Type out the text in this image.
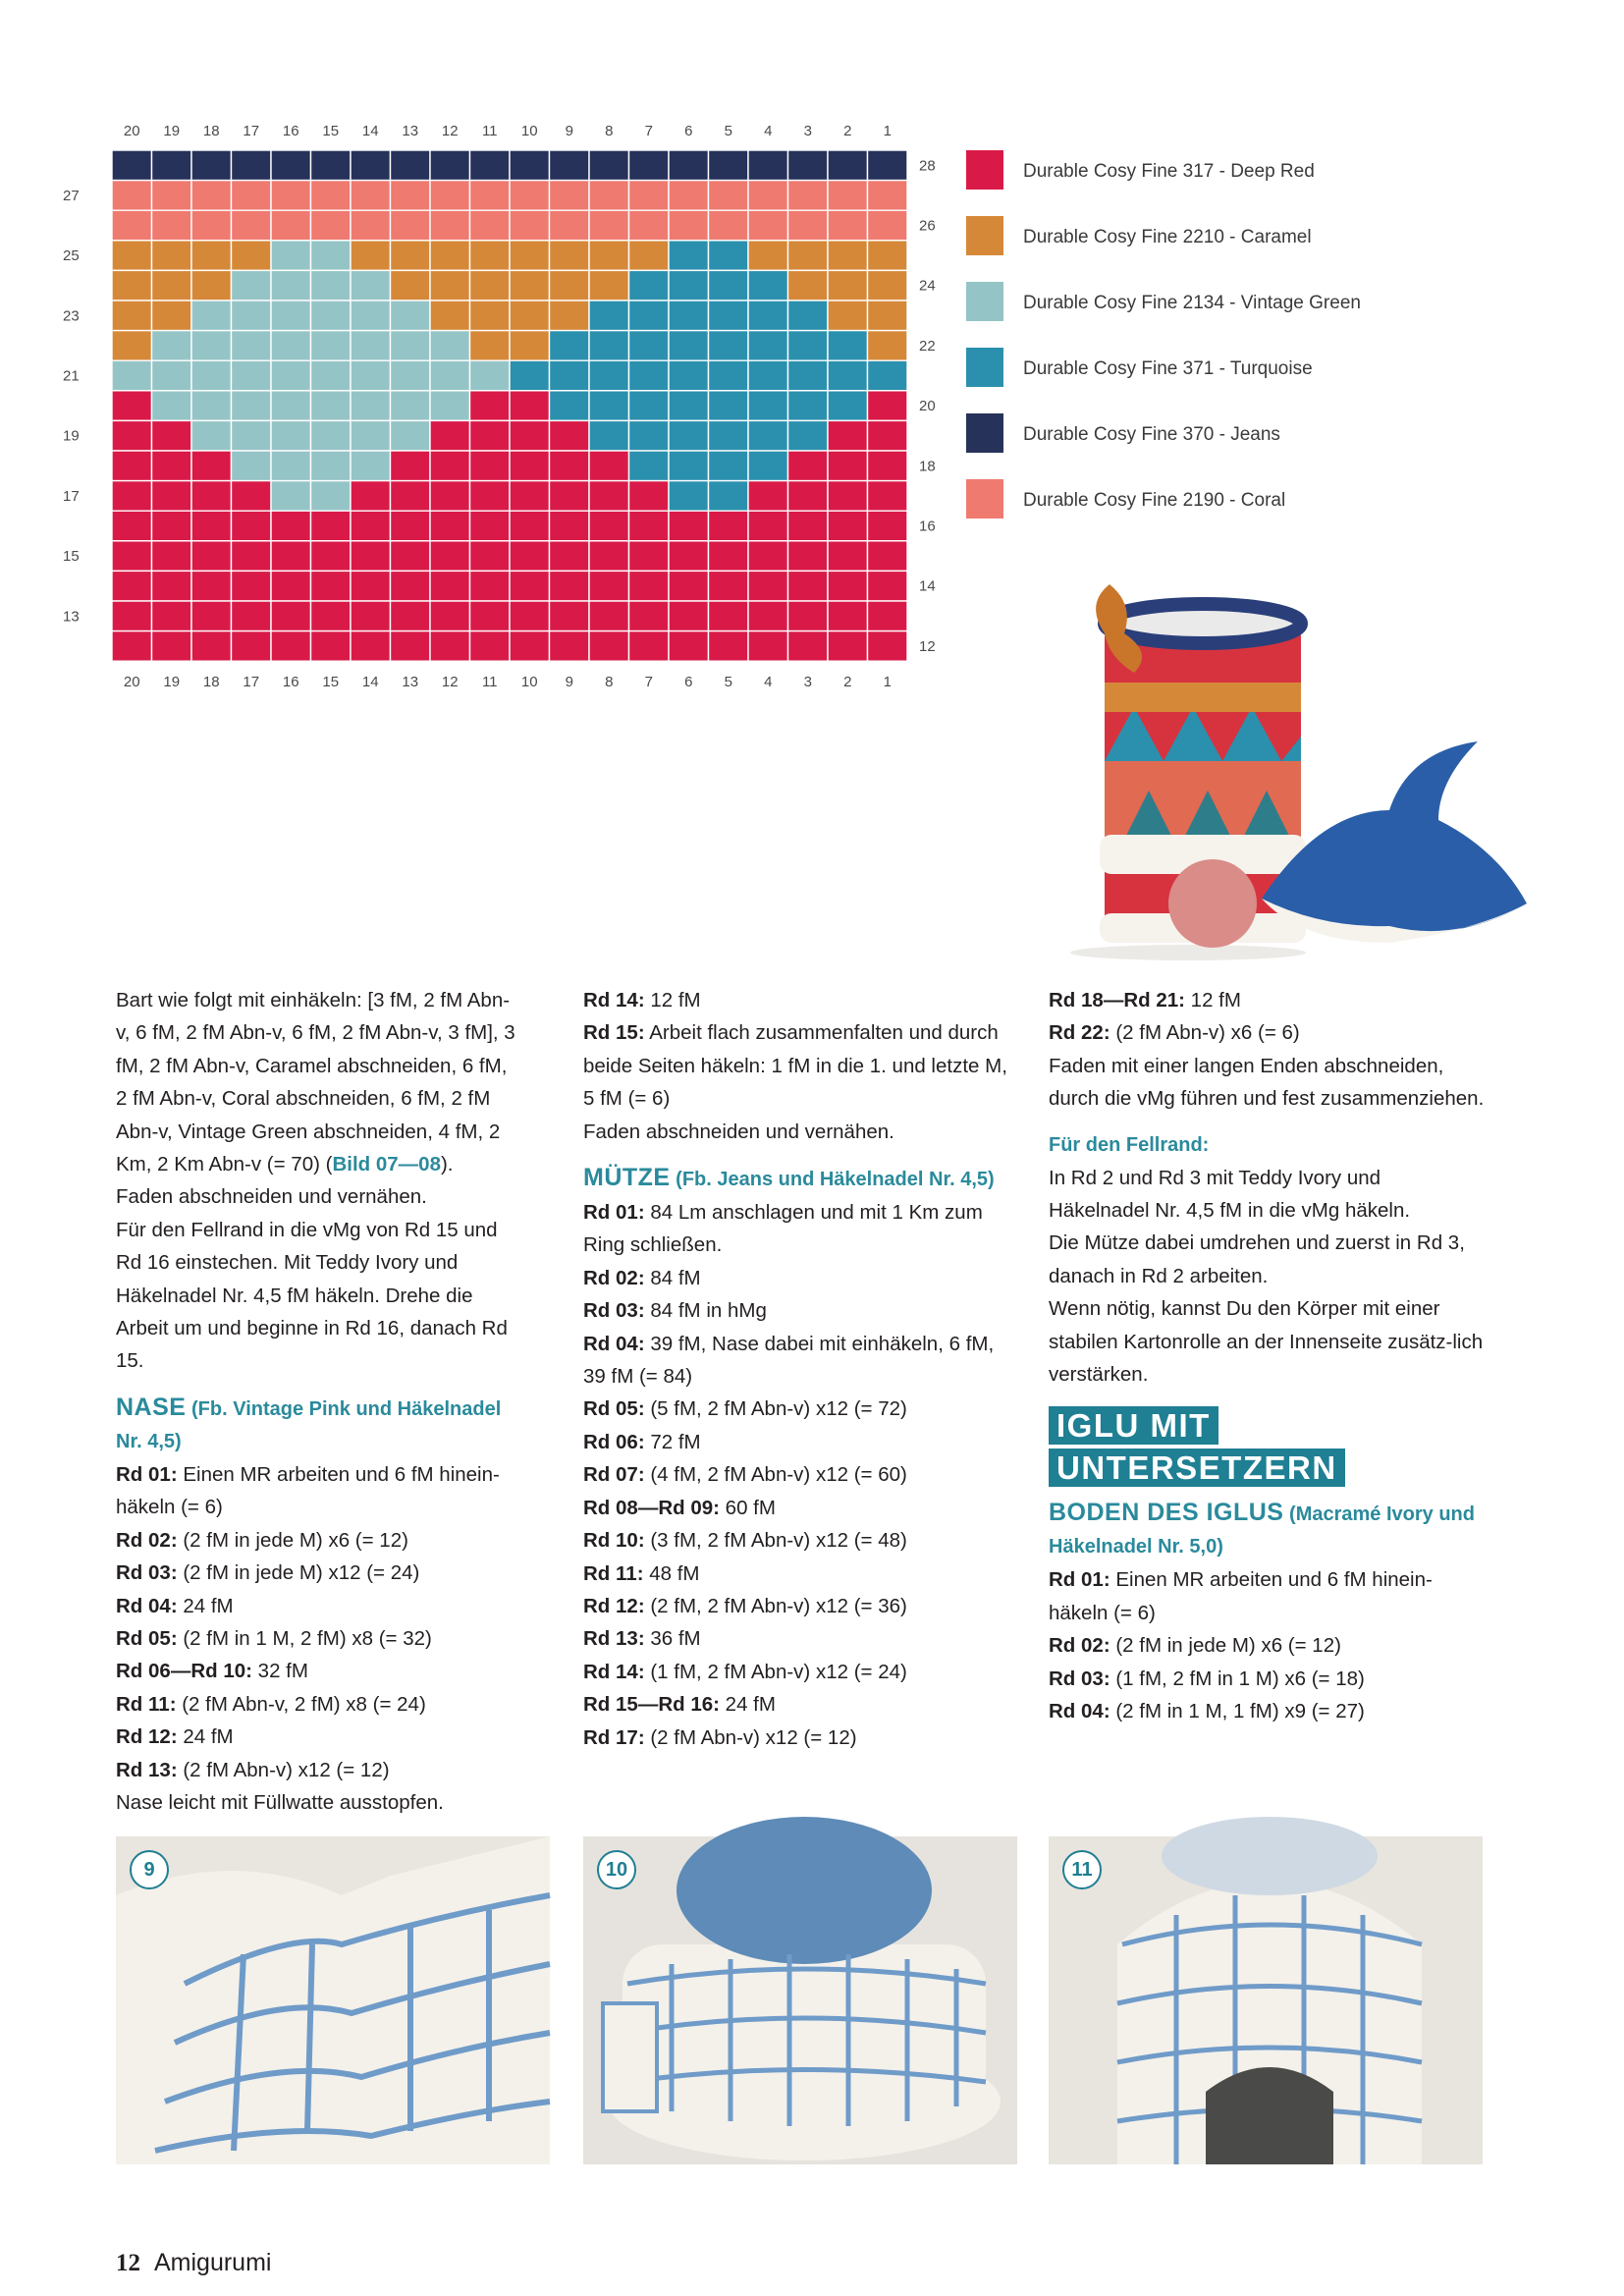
20 19 18 17 16 15 14 13 12 11 10 9 8 7 6 5 4 3 2 1
20 19 18 17 16 15 14 13 12 11 10 9 8 7 6 5 4 3 2 1
27
25
23
21
19
17
15
13
28
26
24
22
20
18
16
14
12
Durable Cosy Fine 317 - Deep Red
Durable Cosy Fine 2210 - Caramel
Durable Cosy Fine 2134 - Vintage Green
Durable Cosy Fine 371 - Turquoise
Durable Cosy Fine 370 - Jeans
Durable Cosy Fine 2190 - Coral

Bart wie folgt mit einhäkeln: [3 fM, 2 fM Abn-v, 6 fM, 2 fM Abn-v, 6 fM, 2 fM Abn-v, 3 fM], 3 fM, 2 fM Abn-v, Caramel abschneiden, 6 fM, 2 fM Abn-v, Coral abschneiden, 6 fM, 2 fM Abn-v, Vintage Green abschneiden, 4 fM, 2 Km, 2 Km Abn-v (= 70) (Bild 07—08).

Faden abschneiden und vernähen.

Für den Fellrand in die vMg von Rd 15 und Rd 16 einstechen. Mit Teddy Ivory und Häkelnadel Nr. 4,5 fM häkeln. Drehe die Arbeit um und beginne in Rd 16, danach Rd 15.

NASE (Fb. Vintage Pink und Häkelnadel Nr. 4,5)

Rd 01: Einen MR arbeiten und 6 fM hinein-häkeln (= 6)

Rd 02: (2 fM in jede M) x6 (= 12)

Rd 03: (2 fM in jede M) x12 (= 24)

Rd 04: 24 fM

Rd 05: (2 fM in 1 M, 2 fM) x8 (= 32)

Rd 06—Rd 10: 32 fM

Rd 11: (2 fM Abn-v, 2 fM) x8 (= 24)

Rd 12: 24 fM

Rd 13: (2 fM Abn-v) x12 (= 12)

Nase leicht mit Füllwatte ausstopfen.

Rd 14: 12 fM

Rd 15: Arbeit flach zusammenfalten und durch beide Seiten häkeln: 1 fM in die 1. und letzte M, 5 fM (= 6)

Faden abschneiden und vernähen.

MÜTZE (Fb. Jeans und Häkelnadel Nr. 4,5)

Rd 01: 84 Lm anschlagen und mit 1 Km zum Ring schließen.

Rd 02: 84 fM

Rd 03: 84 fM in hMg

Rd 04: 39 fM, Nase dabei mit einhäkeln, 6 fM, 39 fM (= 84)

Rd 05: (5 fM, 2 fM Abn-v) x12 (= 72)

Rd 06: 72 fM

Rd 07: (4 fM, 2 fM Abn-v) x12 (= 60)

Rd 08—Rd 09: 60 fM

Rd 10: (3 fM, 2 fM Abn-v) x12 (= 48)

Rd 11: 48 fM

Rd 12: (2 fM, 2 fM Abn-v) x12 (= 36)

Rd 13: 36 fM

Rd 14: (1 fM, 2 fM Abn-v) x12 (= 24)

Rd 15—Rd 16: 24 fM

Rd 17: (2 fM Abn-v) x12 (= 12)

Rd 18—Rd 21: 12 fM

Rd 22: (2 fM Abn-v) x6 (= 6)

Faden mit einer langen Enden abschneiden, durch die vMg führen und fest zusammenziehen.

Für den Fellrand:

In Rd 2 und Rd 3 mit Teddy Ivory und Häkelnadel Nr. 4,5 fM in die vMg häkeln.

Die Mütze dabei umdrehen und zuerst in Rd 3, danach in Rd 2 arbeiten.

Wenn nötig, kannst Du den Körper mit einer stabilen Kartonrolle an der Innenseite zusätz-lich verstärken.

IGLU MIT
UNTERSETZERN
BODEN DES IGLUS (Macramé Ivory und Häkelnadel Nr. 5,0)

Rd 01: Einen MR arbeiten und 6 fM hinein-häkeln (= 6)

Rd 02: (2 fM in jede M) x6 (= 12)

Rd 03: (1 fM, 2 fM in 1 M) x6 (= 18)

Rd 04: (2 fM in 1 M, 1 fM) x9 (= 27)

9	10	11
12 Amigurumi
